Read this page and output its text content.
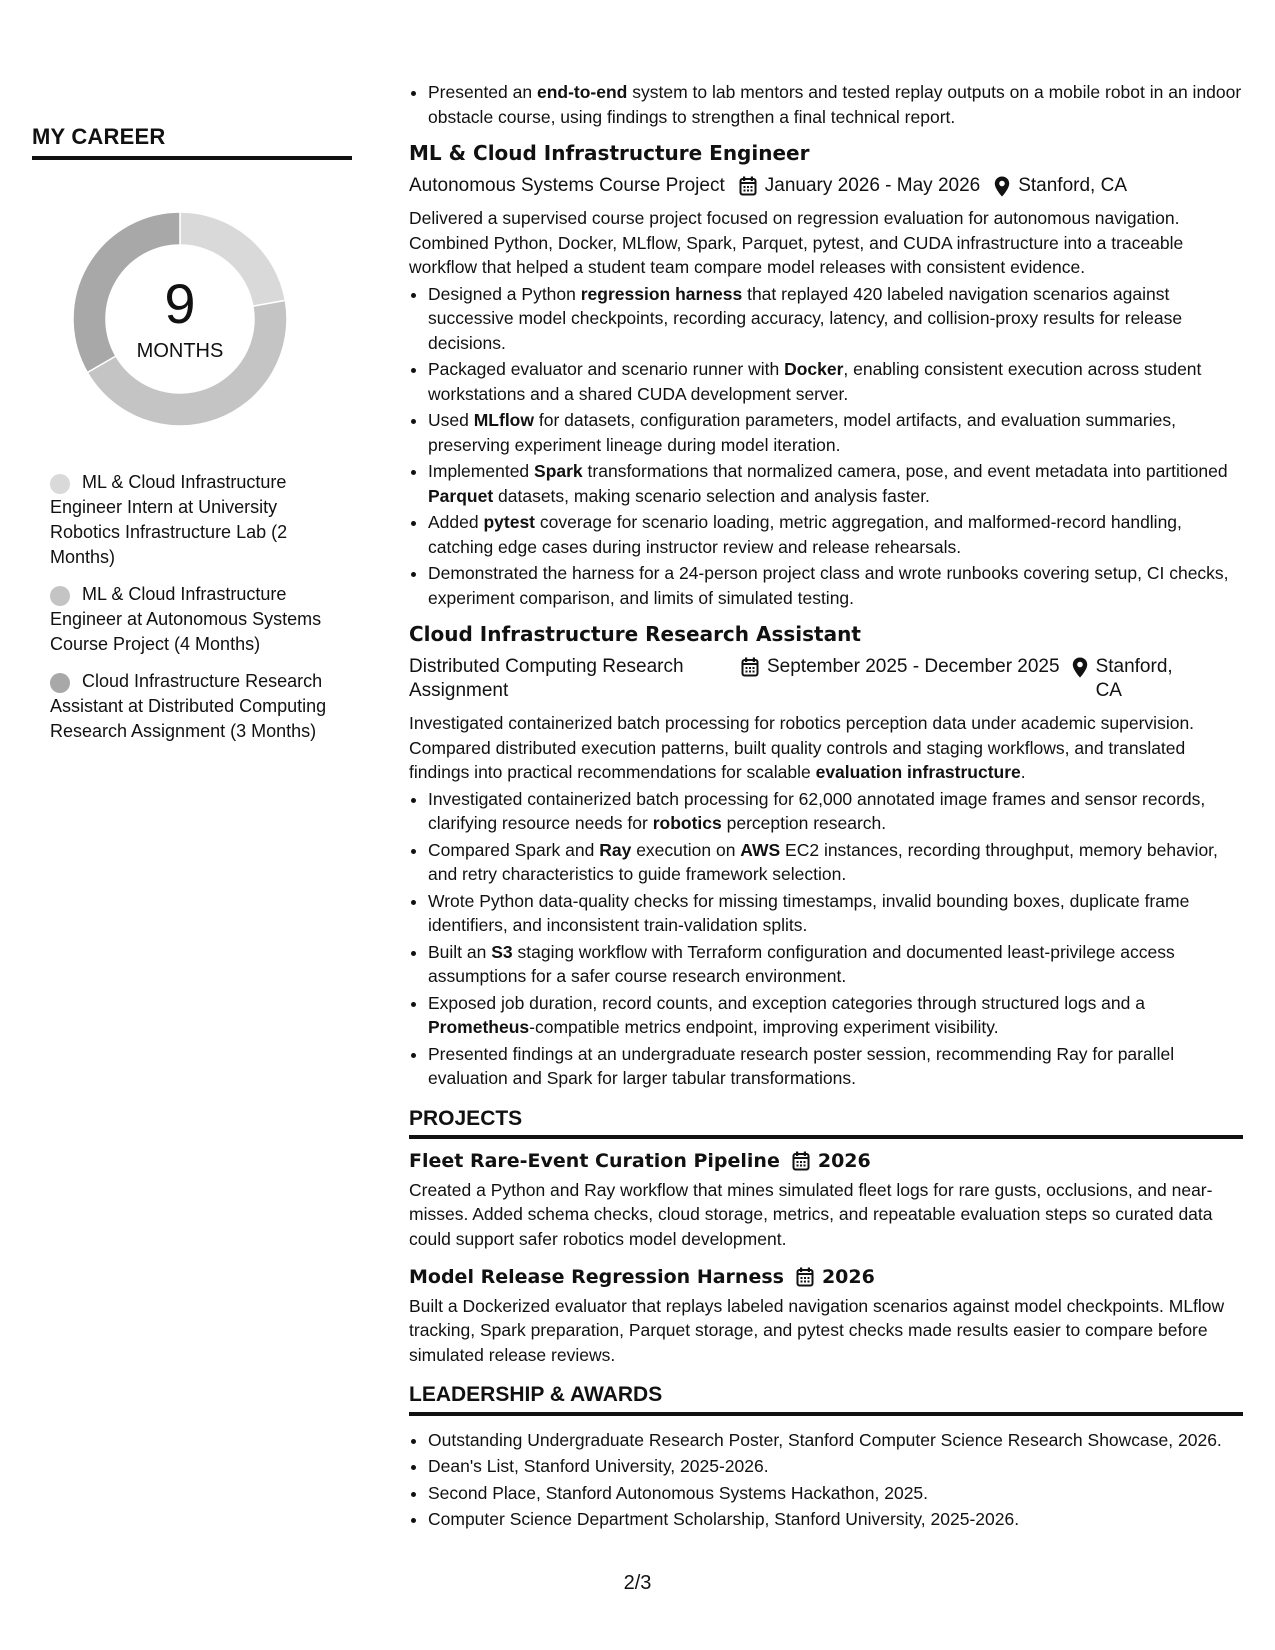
MY CAREER
9
MONTHS
ML & Cloud Infrastructure Engineer Intern at University Robotics Infrastructure Lab (2 Months)
ML & Cloud Infrastructure Engineer at Autonomous Systems Course Project (4 Months)
Cloud Infrastructure Research Assistant at Distributed Computing Research Assignment (3 Months)
• Presented an end-to-end system to lab mentors and tested replay outputs on a mobile robot in an indoor obstacle course, using findings to strengthen a final technical report.
ML & Cloud Infrastructure Engineer
Autonomous Systems Course Project January 2026 - May 2026 Stanford, CA

Delivered a supervised course project focused on regression evaluation for autonomous navigation. Combined Python, Docker, MLflow, Spark, Parquet, pytest, and CUDA infrastructure into a traceable workflow that helped a student team compare model releases with consistent evidence.

• Designed a Python regression harness that replayed 420 labeled navigation scenarios against successive model checkpoints, recording accuracy, latency, and collision-proxy results for release decisions.
• Packaged evaluator and scenario runner with Docker, enabling consistent execution across student workstations and a shared CUDA development server.
• Used MLflow for datasets, configuration parameters, model artifacts, and evaluation summaries, preserving experiment lineage during model iteration.
• Implemented Spark transformations that normalized camera, pose, and event metadata into partitioned Parquet datasets, making scenario selection and analysis faster.
• Added pytest coverage for scenario loading, metric aggregation, and malformed-record handling, catching edge cases during instructor review and release rehearsals.
• Demonstrated the harness for a 24-person project class and wrote runbooks covering setup, CI checks, experiment comparison, and limits of simulated testing.
Cloud Infrastructure Research Assistant
Distributed Computing Research Assignment
September 2025 - December 2025 Stanford, CA

Investigated containerized batch processing for robotics perception data under academic supervision. Compared distributed execution patterns, built quality controls and staging workflows, and translated findings into practical recommendations for scalable evaluation infrastructure.

• Investigated containerized batch processing for 62,000 annotated image frames and sensor records, clarifying resource needs for robotics perception research.
• Compared Spark and Ray execution on AWS EC2 instances, recording throughput, memory behavior, and retry characteristics to guide framework selection.
• Wrote Python data-quality checks for missing timestamps, invalid bounding boxes, duplicate frame identifiers, and inconsistent train-validation splits.
• Built an S3 staging workflow with Terraform configuration and documented least-privilege access assumptions for a safer course research environment.
• Exposed job duration, record counts, and exception categories through structured logs and a Prometheus-compatible metrics endpoint, improving experiment visibility.
• Presented findings at an undergraduate research poster session, recommending Ray for parallel evaluation and Spark for larger tabular transformations.
PROJECTS
Fleet Rare-Event Curation Pipeline 2026

Created a Python and Ray workflow that mines simulated fleet logs for rare gusts, occlusions, and near-misses. Added schema checks, cloud storage, metrics, and repeatable evaluation steps so curated data could support safer robotics model development.

Model Release Regression Harness 2026

Built a Dockerized evaluator that replays labeled navigation scenarios against model checkpoints. MLflow tracking, Spark preparation, Parquet storage, and pytest checks made results easier to compare before simulated release reviews.

LEADERSHIP & AWARDS
• Outstanding Undergraduate Research Poster, Stanford Computer Science Research Showcase, 2026.
• Dean's List, Stanford University, 2025-2026.
• Second Place, Stanford Autonomous Systems Hackathon, 2025.
• Computer Science Department Scholarship, Stanford University, 2025-2026.
2/3
